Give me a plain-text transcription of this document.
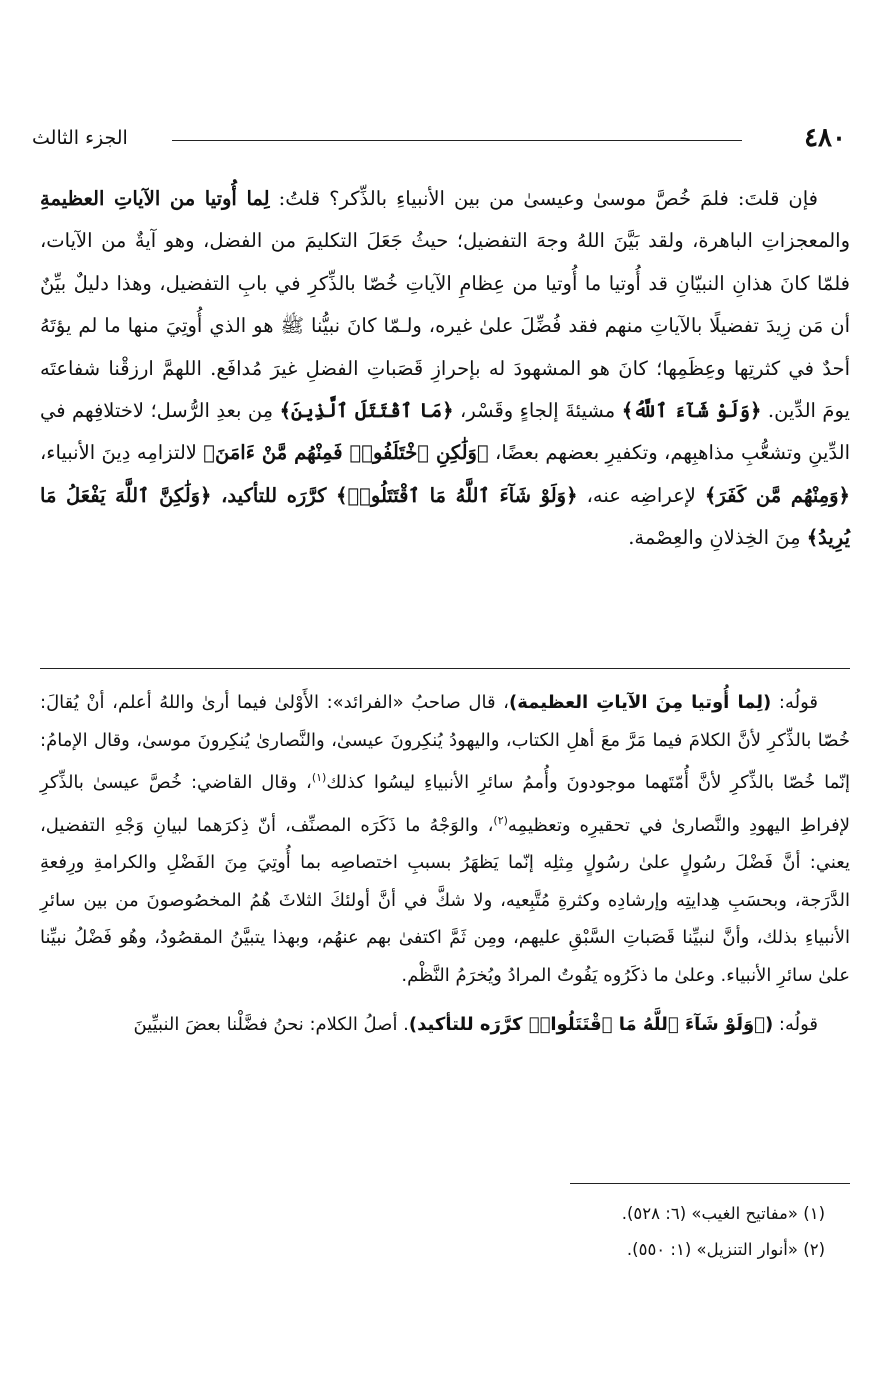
الجزء الثالث	٤٨٠

فإن قلتَ: فلمَ خُصَّ موسىٰ وعيسىٰ من بين الأنبياءِ بالذِّكر؟ قلتُ: لِما أُوتيا من الآياتِ العظيمةِ والمعجزاتِ الباهرة، ولقد بَيَّنَ اللهُ وجهَ التفضيل؛ حيثُ جَعَلَ التكليمَ من الفضل، وهو آيةٌ من الآيات، فلمّا كانَ هذانِ النبيّانِ قد أُوتيا ما أُوتيا من عِظامِ الآياتِ خُصّا بالذِّكرِ في بابِ التفضيل، وهذا دليلٌ بيِّنٌ أن مَن زِيدَ تفضيلًا بالآياتِ منهم فقد فُضِّلَ علىٰ غيره، ولـمّا كانَ نبيُّنا ﷺ هو الذي أُوتِيَ منها ما لم يؤتَهُ أحدٌ في كثرتِها وعِظَمِها؛ كانَ هو المشهودَ له بإحرازِ قَصَباتِ الفضلِ غيرَ مُدافَع. اللهمَّ ارزقْنا شفاعتَه يومَ الدِّين. ﴿وَلَوْ شَآءَ ٱللَّهُ﴾ مشيئةَ إلجاءٍ وقَسْر، ﴿مَا ٱقْتَتَلَ ٱلَّذِينَ﴾ مِن بعدِ الرُّسل؛ لاختلافِهم في الدِّينِ وتشعُّبِ مذاهبِهم، وتكفيرِ بعضهم بعضًا، ﴿وَلَٰكِنِ ٱخْتَلَفُوا۟ فَمِنْهُم مَّنْ ءَامَنَ﴾ لالتزامِه دِينَ الأنبياء، ﴿وَمِنْهُم مَّن كَفَرَ﴾ لإعراضِه عنه، ﴿وَلَوْ شَآءَ ٱللَّهُ مَا ٱقْتَتَلُوا۟﴾ كرَّرَه للتأكيد، ﴿وَلَٰكِنَّ ٱللَّهَ يَفْعَلُ مَا يُرِيدُ﴾ مِنَ الخِذلانِ والعِصْمة.

قولُه: (لِما أُوتيا مِنَ الآياتِ العظيمة)، قال صاحبُ «الفرائد»: الأَوْلىٰ فيما أرىٰ واللهُ أعلم، أنْ يُقالَ: خُصّا بالذِّكرِ لأنَّ الكلامَ فيما مَرَّ معَ أهلِ الكتاب، واليهودُ يُنكِرونَ عيسىٰ، والنَّصارىٰ يُنكِرونَ موسىٰ، وقال الإمامُ: إنّما خُصّا بالذِّكرِ لأنَّ أُمّتَهما موجودونَ وأُممُ سائرِ الأنبياءِ ليسُوا كذلك$^{(١)}$، وقال القاضي: خُصَّ عيسىٰ بالذِّكرِ لإفراطِ اليهودِ والنَّصارىٰ في تحقيرِه وتعظيمِه$^{(٢)}$، والوَجْهُ ما ذَكَرَه المصنِّف، أنّ ذِكرَهما لبيانِ وَجْهِ التفضيل، يعني: أنَّ فَضْلَ رسُولٍ علىٰ رسُولٍ مِثلِه إنّما يَظهَرُ بسببِ اختصاصِه بما أُوتِيَ مِنَ الفَضْلِ والكرامةِ ورِفعةِ الدَّرَجة، وبحسَبِ هِدايتِه وإرشادِه وكثرةِ مُتَّبِعيه، ولا شكَّ في أنَّ أولئكَ الثلاثَ هُمُ المخصُوصونَ من بين سائرِ الأنبياءِ بذلك، وأنَّ لنبيِّنا قَصَباتِ السَّبْقِ عليهم، ومِن ثَمَّ اكتفىٰ بهم عنهُم، وبهذا يتبيَّنُ المقصُودُ، وهُو فَضْلُ نبيِّنا علىٰ سائرِ الأنبياء. وعلىٰ ما ذكَرُوه يَفُوتُ المرادُ ويُخرَمُ النَّظْم.

قولُه: (﴿وَلَوْ شَآءَ ٱللَّهُ مَا ٱقْتَتَلُوا۟﴾ كرَّرَه للتأكيد). أصلُ الكلام: نحنُ فضَّلْنا بعضَ النبيِّينَ

(١) «مفاتيح الغيب» (٦: ٥٢٨).
(٢) «أنوار التنزيل» (١: ٥٥٠).
